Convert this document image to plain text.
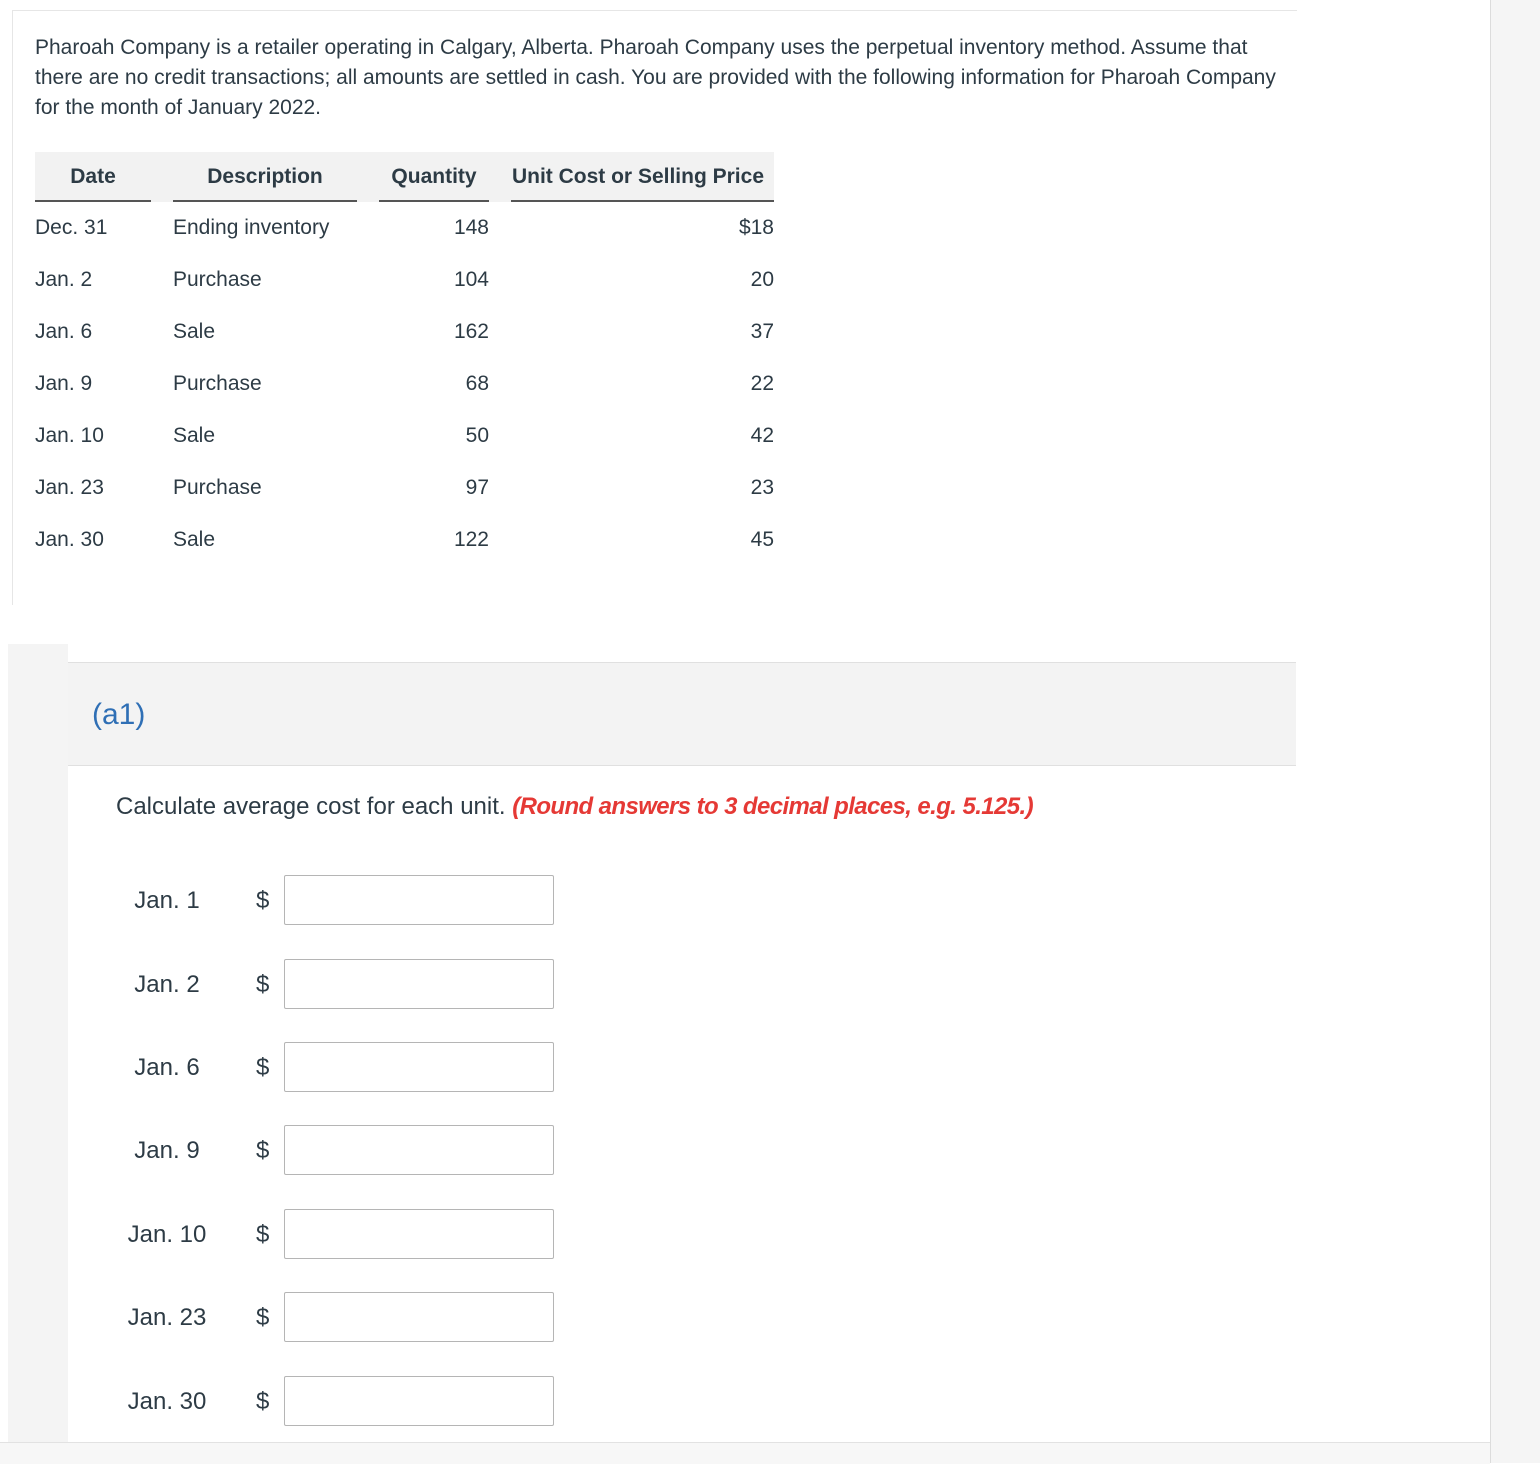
Pharoah Company is a retailer operating in Calgary, Alberta. Pharoah Company uses the perpetual inventory method. Assume that there are no credit transactions; all amounts are settled in cash. You are provided with the following information for Pharoah Company for the month of January 2022.

Date		Description		Quantity		Unit Cost or Selling Price

Dec. 31		Ending inventory		148		$18
Jan. 2		Purchase		104		20
Jan. 6		Sale		162		37
Jan. 9		Purchase		68		22
Jan. 10		Sale		50		42
Jan. 23		Purchase		97		23
Jan. 30		Sale		122		45
(a1)
Calculate average cost for each unit. (Round answers to 3 decimal places, e.g. 5.125.)
Jan. 1	$
Jan. 2	$
Jan. 6	$
Jan. 9	$
Jan. 10	$
Jan. 23	$
Jan. 30	$
